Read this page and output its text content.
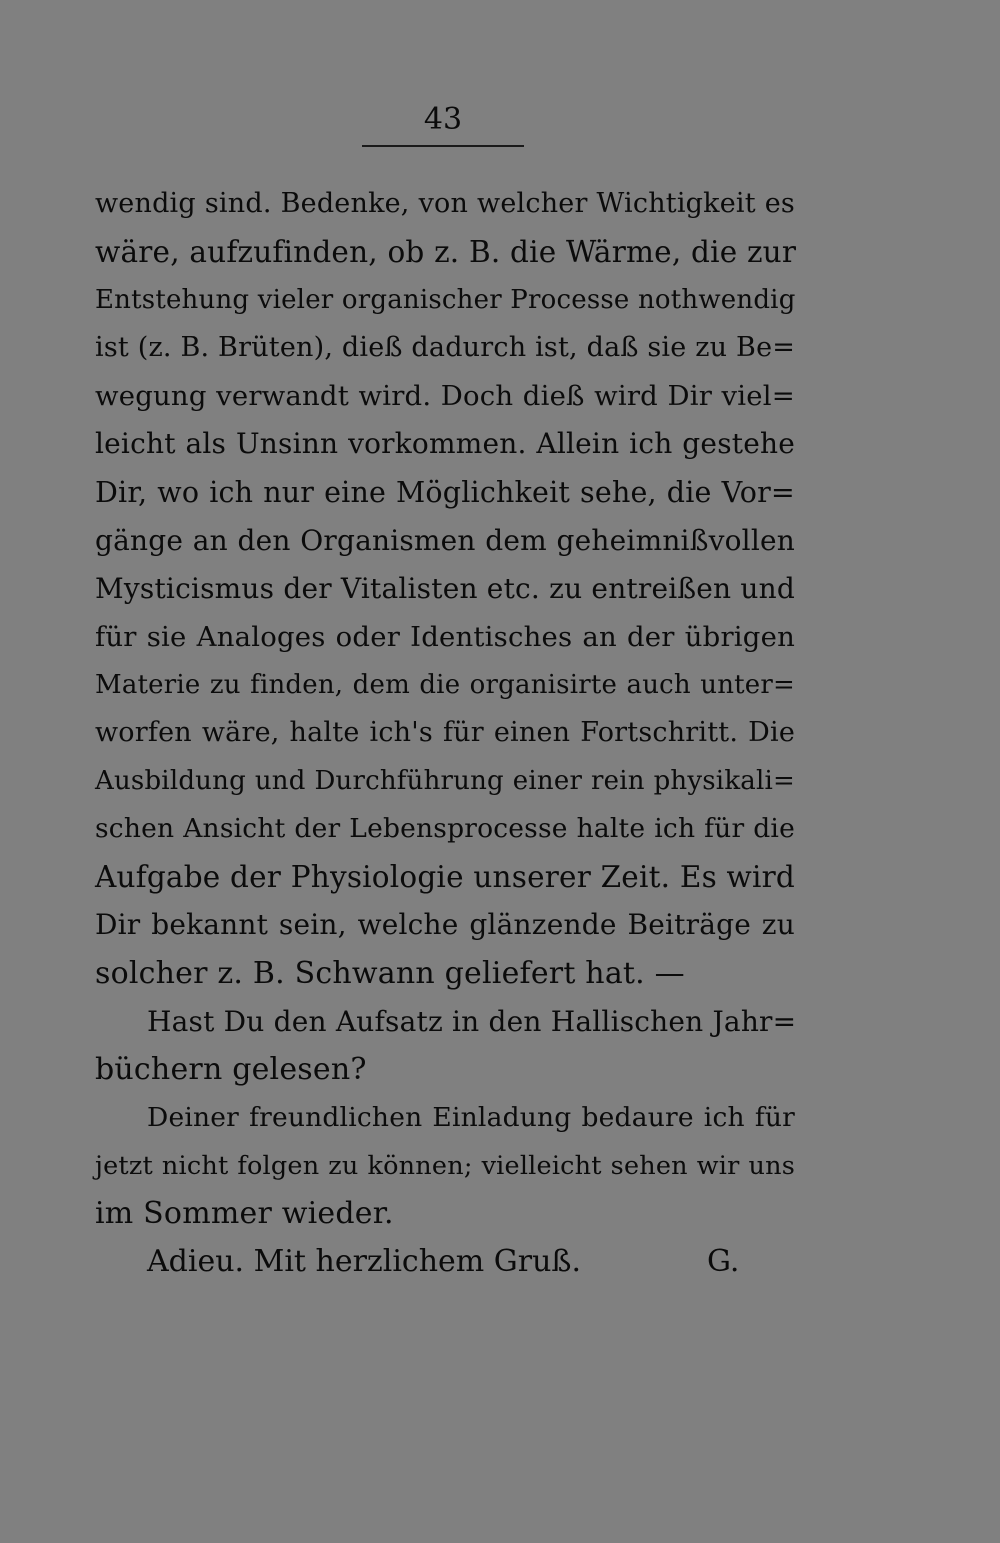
43
wendig sind. Bedenke, von welcher Wichtigkeit es
wäre, aufzufinden, ob z. B. die Wärme, die zur
Entstehung vieler organischer Processe nothwendig
ist (z. B. Brüten), dieß dadurch ist, daß sie zu Be=
wegung verwandt wird. Doch dieß wird Dir viel=
leicht als Unsinn vorkommen. Allein ich gestehe
Dir, wo ich nur eine Möglichkeit sehe, die Vor=
gänge an den Organismen dem geheimnißvollen
Mysticismus der Vitalisten etc. zu entreißen und
für sie Analoges oder Identisches an der übrigen
Materie zu finden, dem die organisirte auch unter=
worfen wäre, halte ich's für einen Fortschritt. Die
Ausbildung und Durchführung einer rein physikali=
schen Ansicht der Lebensprocesse halte ich für die
Aufgabe der Physiologie unserer Zeit. Es wird
Dir bekannt sein, welche glänzende Beiträge zu
solcher z. B. Schwann geliefert hat. —
Hast Du den Aufsatz in den Hallischen Jahr=
büchern gelesen?
Deiner freundlichen Einladung bedaure ich für
jetzt nicht folgen zu können; vielleicht sehen wir uns
im Sommer wieder.
Adieu. Mit herzlichem Gruß.	G.
